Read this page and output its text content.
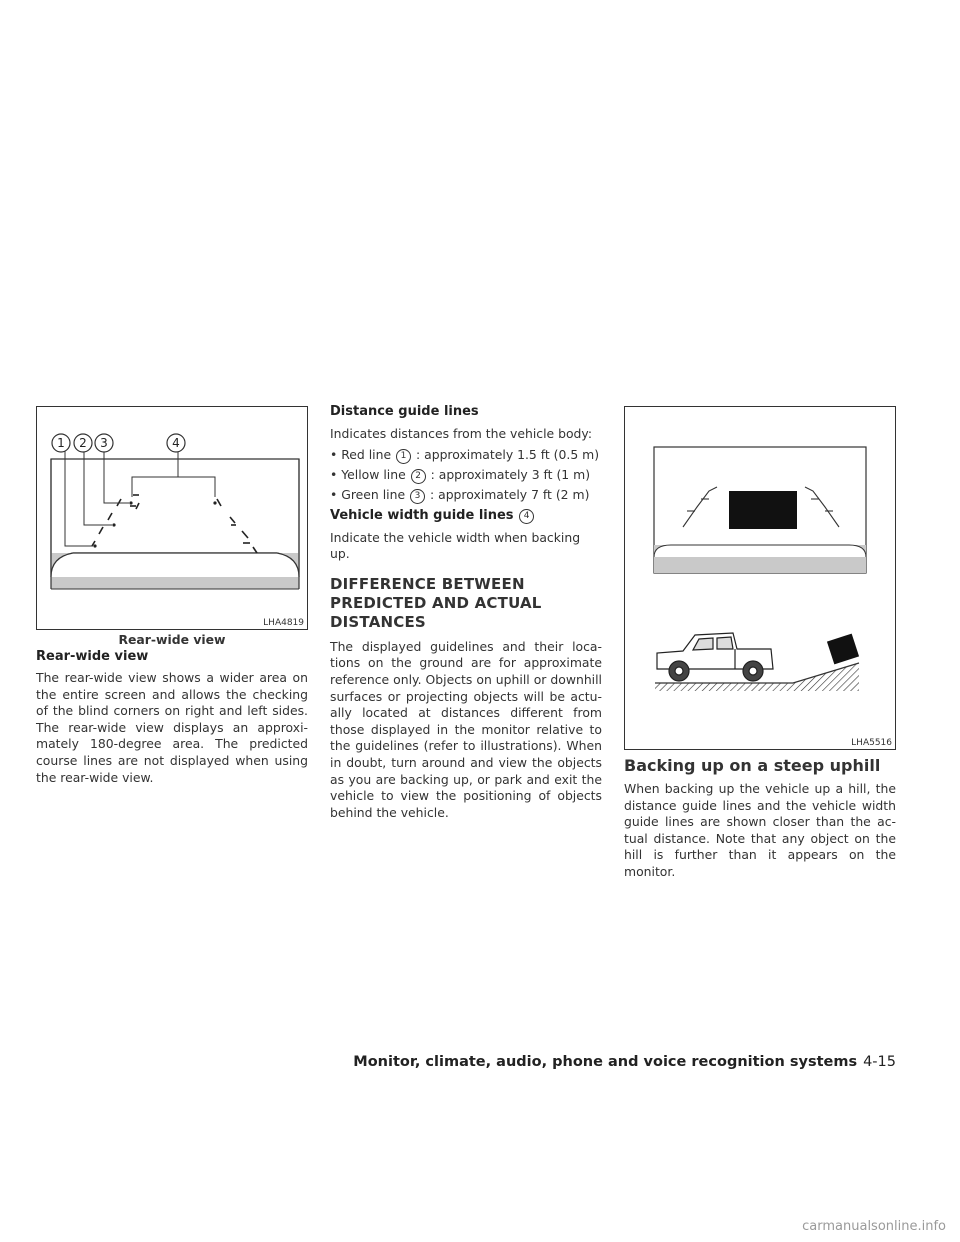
1 2 3	4
LHA4819
Rear-wide view
Rear-wide view

The rear-wide view shows a wider area on the entire screen and allows the checking of the blind corners on right and left sides. The rear-wide view displays an approxi-mately 180-degree area. The predicted course lines are not displayed when using the rear-wide view.

Distance guide lines

Indicates distances from the vehicle body:

• Red line 1 : approximately 1.5 ft (0.5 m)

• Yellow line 2 : approximately 3 ft (1 m)

• Green line 3 : approximately 7 ft (2 m)

Vehicle width guide lines 4

Indicate the vehicle width when backing up.

DIFFERENCE BETWEEN PREDICTED AND ACTUAL DISTANCES

The displayed guidelines and their loca-tions on the ground are for approximate reference only. Objects on uphill or downhill surfaces or projecting objects will be actu-ally located at distances different from those displayed in the monitor relative to the guidelines (refer to illustrations). When in doubt, turn around and view the objects as you are backing up, or park and exit the vehicle to view the positioning of objects behind the vehicle.

LHA5516
Backing up on a steep uphill

When backing up the vehicle up a hill, the distance guide lines and the vehicle width guide lines are shown closer than the ac-tual distance. Note that any object on the hill is further than it appears on the monitor.

Monitor, climate, audio, phone and voice recognition systems 4-15
carmanualsonline.info
